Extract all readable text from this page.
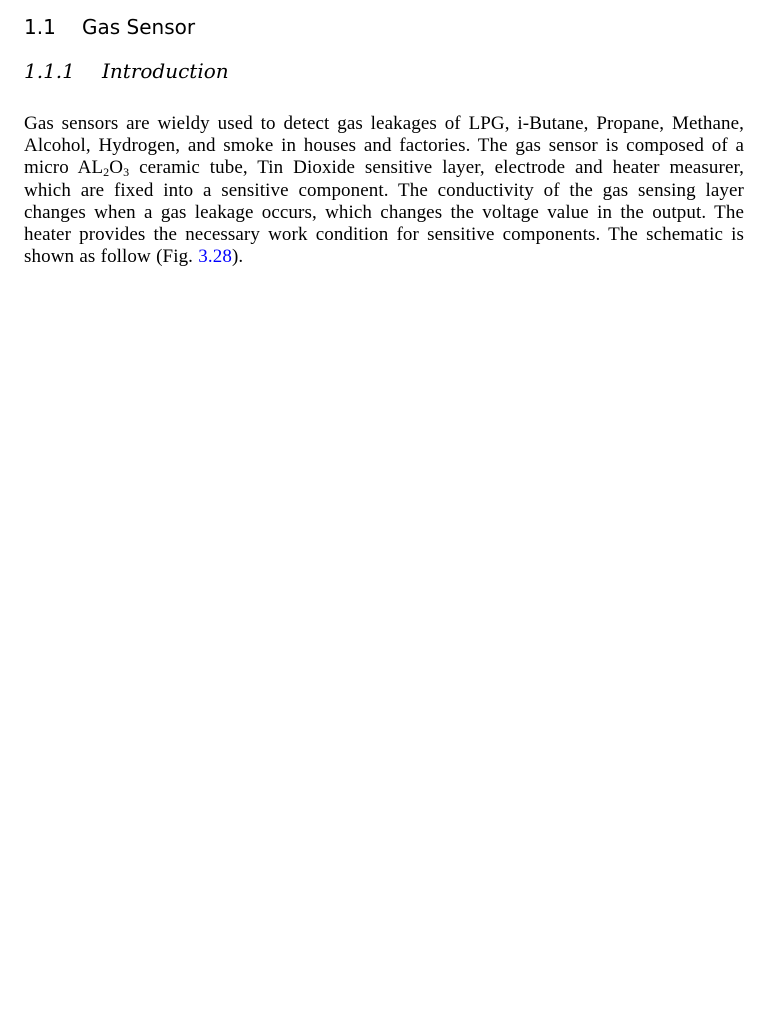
1.1 Gas Sensor
1.1.1 Introduction

Gas sensors are wieldy used to detect gas leakages of LPG, i-Butane, Propane, Methane, Alcohol, Hydrogen, and smoke in houses and factories. The gas sensor is composed of a micro $AL_2O_3$ ceramic tube, Tin Dioxide sensitive layer, electrode and heater measurer, which are fixed into a sensitive component. The conductivity of the gas sensing layer changes when a gas leakage occurs, which changes the voltage value in the output. The heater provides the necessary work condition for sensitive components. The schematic is shown as follow (Fig. 3.28).
